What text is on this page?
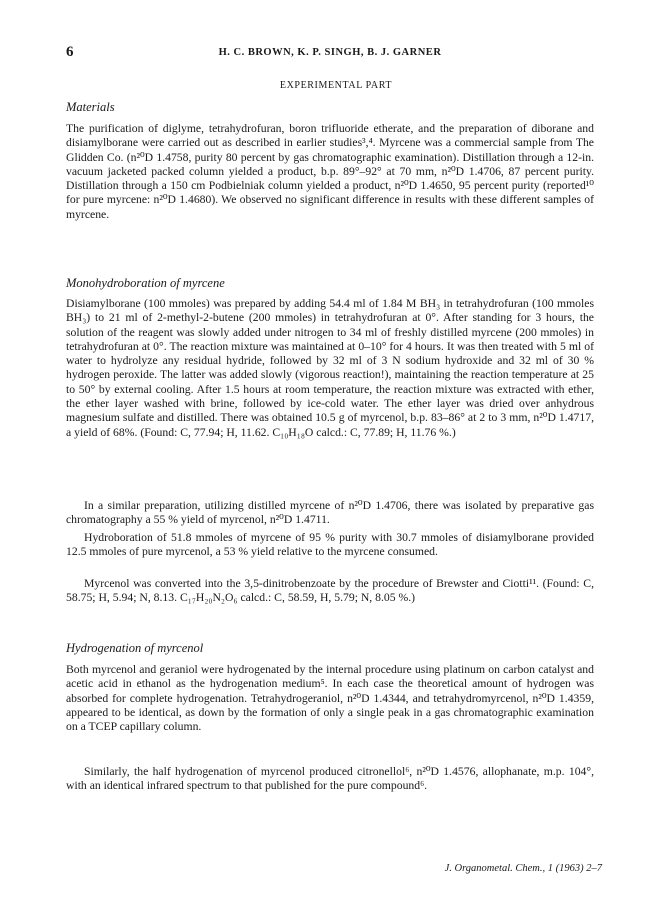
6	H. C. BROWN, K. P. SINGH, B. J. GARNER
EXPERIMENTAL PART
Materials

The purification of diglyme, tetrahydrofuran, boron trifluoride etherate, and the preparation of diborane and disiamylborane were carried out as described in earlier studies³,⁴. Myrcene was a commercial sample from The Glidden Co. (n²⁰D 1.4758, purity 80 percent by gas chromatographic examination). Distillation through a 12-in. vacuum jacketed packed column yielded a product, b.p. 89°–92° at 70 mm, n²⁰D 1.4706, 87 percent purity. Distillation through a 150 cm Podbielniak column yielded a product, n²⁰D 1.4650, 95 percent purity (reported¹⁰ for pure myrcene: n²⁰D 1.4680). We observed no significant difference in results with these different samples of myrcene.

Monohydroboration of myrcene

Disiamylborane (100 mmoles) was prepared by adding 54.4 ml of 1.84 M BH₃ in tetrahydrofuran (100 mmoles BH₃) to 21 ml of 2-methyl-2-butene (200 mmoles) in tetrahydrofuran at 0°. After standing for 3 hours, the solution of the reagent was slowly added under nitrogen to 34 ml of freshly distilled myrcene (200 mmoles) in tetrahydrofuran at 0°. The reaction mixture was maintained at 0–10° for 4 hours. It was then treated with 5 ml of water to hydrolyze any residual hydride, followed by 32 ml of 3 N sodium hydroxide and 32 ml of 30 % hydrogen peroxide. The latter was added slowly (vigorous reaction!), maintaining the reaction temperature at 25 to 50° by external cooling. After 1.5 hours at room temperature, the reaction mixture was extracted with ether, the ether layer washed with brine, followed by ice-cold water. The ether layer was dried over anhydrous magnesium sulfate and distilled. There was obtained 10.5 g of myrcenol, b.p. 83–86° at 2 to 3 mm, n²⁰D 1.4717, a yield of 68%. (Found: C, 77.94; H, 11.62. C₁₀H₁₈O calcd.: C, 77.89; H, 11.76 %.)

In a similar preparation, utilizing distilled myrcene of n²⁰D 1.4706, there was isolated by preparative gas chromatography a 55 % yield of myrcenol, n²⁰D 1.4711.

Hydroboration of 51.8 mmoles of myrcene of 95 % purity with 30.7 mmoles of disiamylborane provided 12.5 mmoles of pure myrcenol, a 53 % yield relative to the myrcene consumed.

Myrcenol was converted into the 3,5-dinitrobenzoate by the procedure of Brewster and Ciotti¹¹. (Found: C, 58.75; H, 5.94; N, 8.13. C₁₇H₂₀N₂O₆ calcd.: C, 58.59, H, 5.79; N, 8.05 %.)

Hydrogenation of myrcenol

Both myrcenol and geraniol were hydrogenated by the internal procedure using platinum on carbon catalyst and acetic acid in ethanol as the hydrogenation medium⁵. In each case the theoretical amount of hydrogen was absorbed for complete hydrogenation. Tetrahydrogeraniol, n²⁰D 1.4344, and tetrahydromyrcenol, n²⁰D 1.4359, appeared to be identical, as down by the formation of only a single peak in a gas chromatographic examination on a TCEP capillary column.

Similarly, the half hydrogenation of myrcenol produced citronellol⁶, n²⁰D 1.4576, allophanate, m.p. 104°, with an identical infrared spectrum to that published for the pure compound⁶.

J. Organometal. Chem., 1 (1963) 2–7
